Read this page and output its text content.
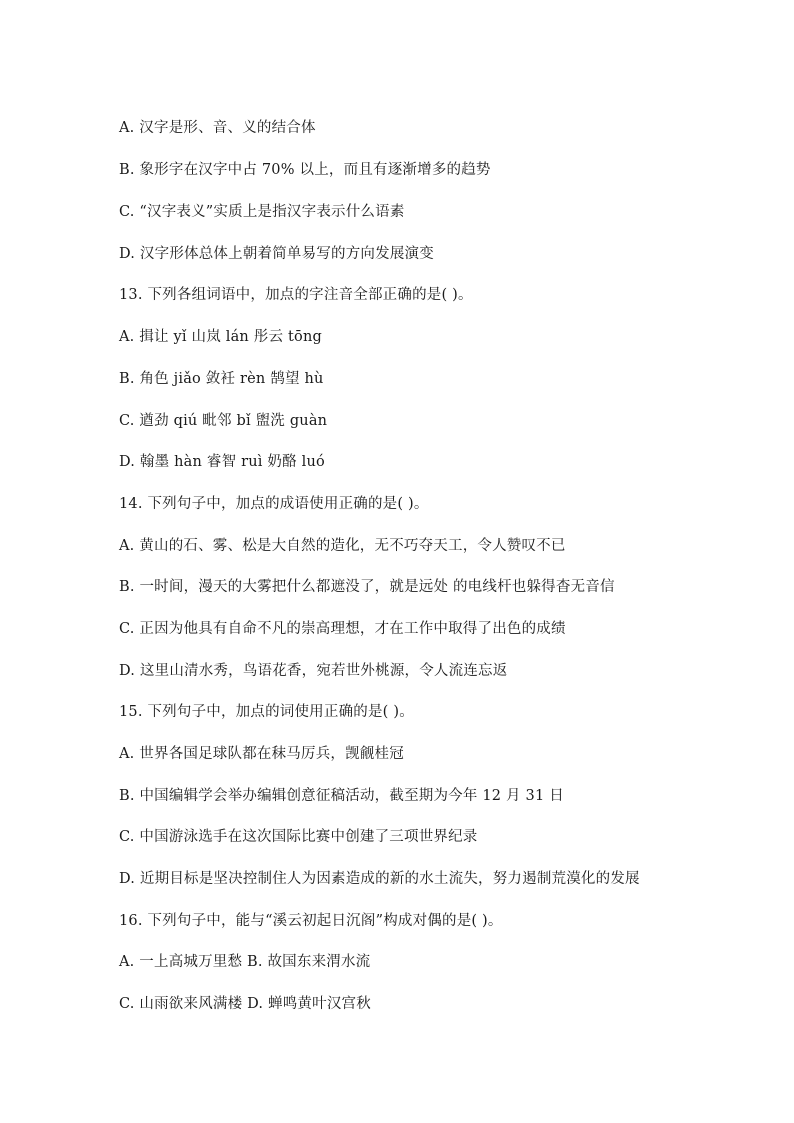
A. 汉字是形、音、义的结合体
B. 象形字在汉字中占 70% 以上，而且有逐渐增多的趋势
C. “汉字表义”实质上是指汉字表示什么语素
D. 汉字形体总体上朝着简单易写的方向发展演变
13. 下列各组词语中，加点的字注音全部正确的是( )。
A. 揖让 yǐ 山岚 lán 彤云 tōng
B. 角色 jiǎo 敛衽 rèn 鹄望 hù
C. 遒劲 qiú 毗邻 bǐ 盥洗 guàn
D. 翰墨 hàn 睿智 ruì 奶酪 luó
14. 下列句子中，加点的成语使用正确的是( )。
A. 黄山的石、雾、松是大自然的造化，无不巧夺天工，令人赞叹不已
B. 一时间，漫天的大雾把什么都遮没了，就是远处 的电线杆也躲得杳无音信
C. 正因为他具有自命不凡的崇高理想，才在工作中取得了出色的成绩
D. 这里山清水秀，鸟语花香，宛若世外桃源，令人流连忘返
15. 下列句子中，加点的词使用正确的是( )。
A. 世界各国足球队都在秣马厉兵，觊觎桂冠
B. 中国编辑学会举办编辑创意征稿活动，截至期为今年 12 月 31 日
C. 中国游泳选手在这次国际比赛中创建了三项世界纪录
D. 近期目标是坚决控制住人为因素造成的新的水土流失，努力遏制荒漠化的发展
16. 下列句子中，能与“溪云初起日沉阁”构成对偶的是( )。
A. 一上高城万里愁 B. 故国东来渭水流
C. 山雨欲来风满楼 D. 蝉鸣黄叶汉宫秋
